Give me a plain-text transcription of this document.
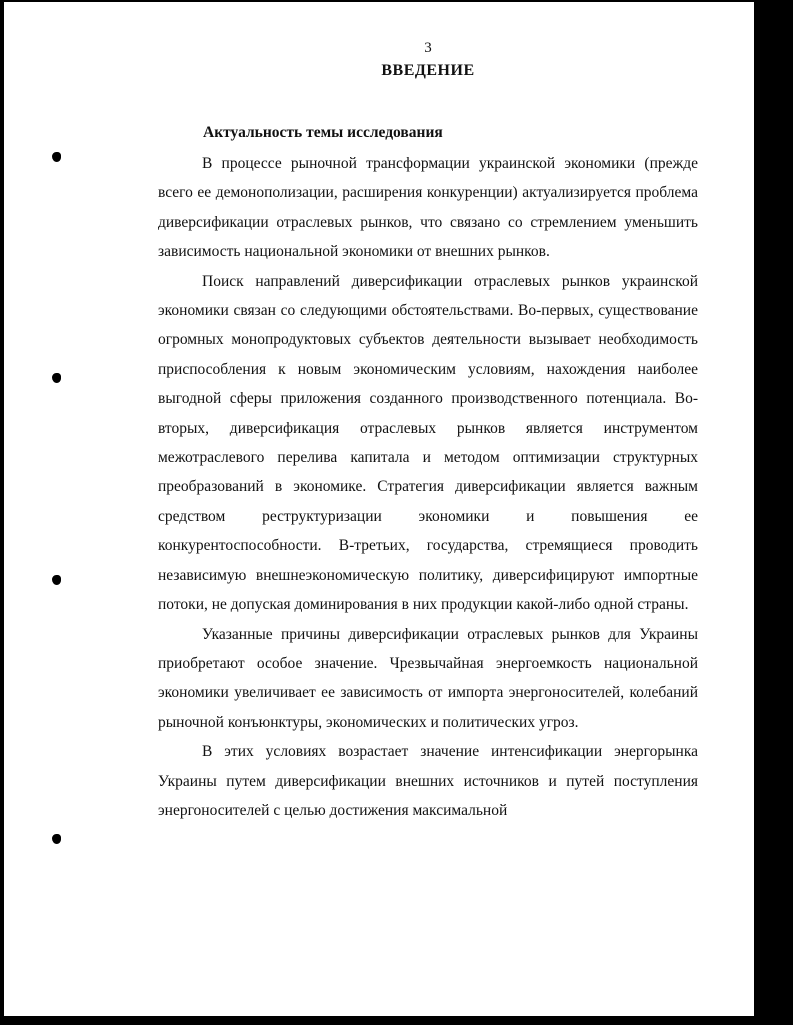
3
ВВЕДЕНИЕ
Актуальность темы исследования

В процессе рыночной трансформации украинской экономики (прежде всего ее демонополизации, расширения конкуренции) актуализируется проблема диверсификации отраслевых рынков, что связано со стремлением уменьшить зависимость национальной экономики от внешних рынков.

Поиск направлений диверсификации отраслевых рынков украинской экономики связан со следующими обстоятельствами. Во-первых, существование огромных монопродуктовых субъектов деятельности вызывает необходимость приспособления к новым экономическим условиям, нахождения наиболее выгодной сферы приложения созданного производственного потенциала. Во-вторых, диверсификация отраслевых рынков является инструментом межотраслевого перелива капитала и методом оптимизации структурных преобразований в экономике. Стратегия диверсификации является важным средством реструктуризации экономики и повышения ее конкурентоспособности. В-третьих, государства, стремящиеся проводить независимую внешнеэкономическую политику, диверсифицируют импортные потоки, не допуская доминирования в них продукции какой-либо одной страны.

Указанные причины диверсификации отраслевых рынков для Украины приобретают особое значение. Чрезвычайная энергоемкость национальной экономики увеличивает ее зависимость от импорта энергоносителей, колебаний рыночной конъюнктуры, экономических и политических угроз.

В этих условиях возрастает значение интенсификации энергорынка Украины путем диверсификации внешних источников и путей поступления энергоносителей с целью достижения максимальной
